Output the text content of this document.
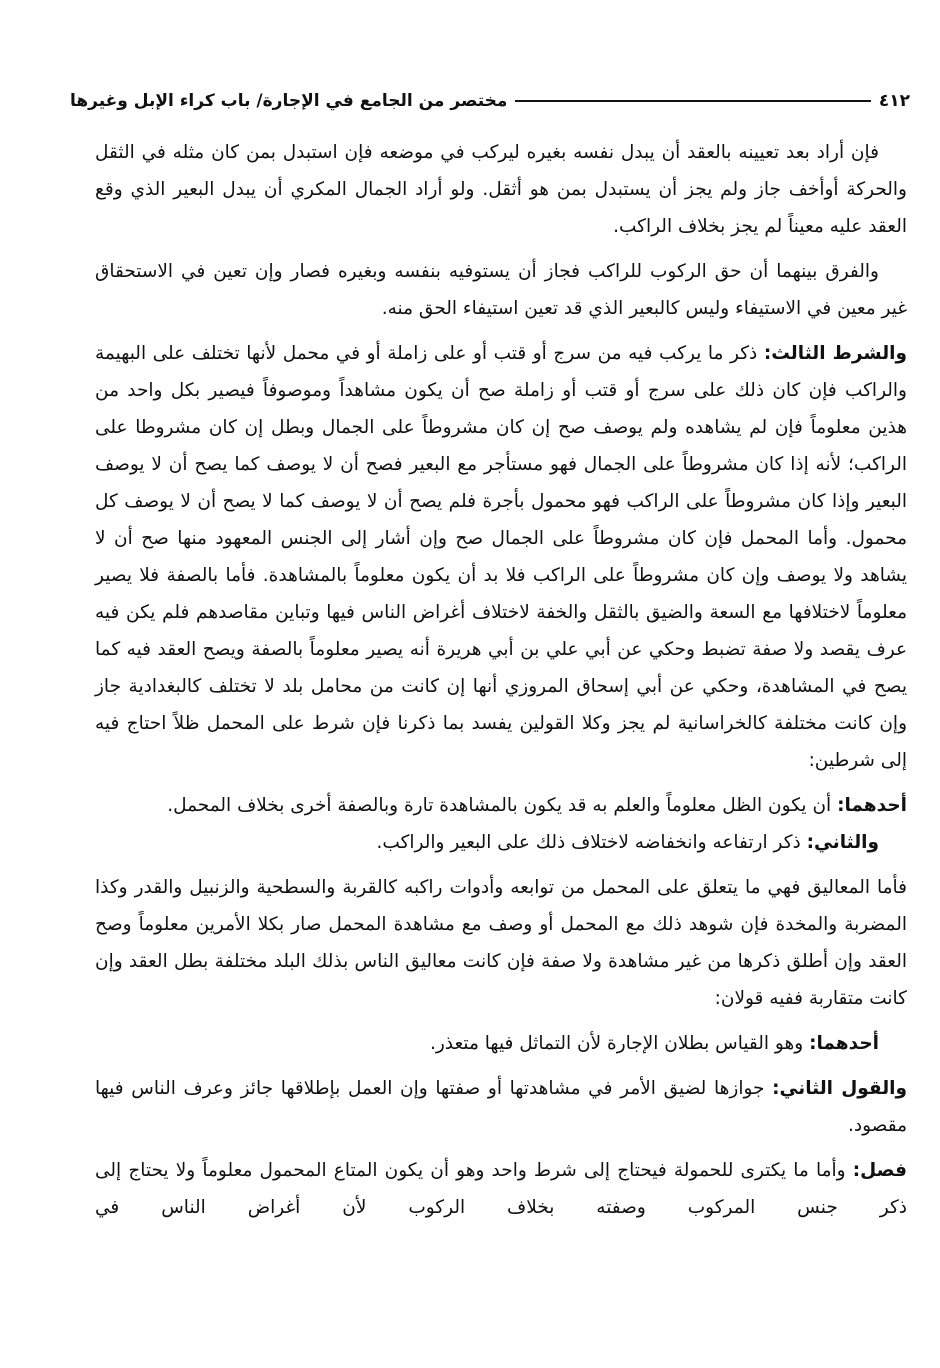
٤١٢
مختصر من الجامع في الإجارة/ باب كراء الإبل وغيرها

فإن أراد بعد تعيينه بالعقد أن يبدل نفسه بغيره ليركب في موضعه فإن استبدل بمن كان مثله في الثقل والحركة أوأخف جاز ولم يجز أن يستبدل بمن هو أثقل. ولو أراد الجمال المكري أن يبدل البعير الذي وقع العقد عليه معيناً لم يجز بخلاف الراكب.

والفرق بينهما أن حق الركوب للراكب فجاز أن يستوفيه بنفسه وبغيره فصار وإن تعين في الاستحقاق غير معين في الاستيفاء وليس كالبعير الذي قد تعين استيفاء الحق منه.

والشرط الثالث: ذكر ما يركب فيه من سرج أو قتب أو على زاملة أو في محمل لأنها تختلف على البهيمة والراكب فإن كان ذلك على سرج أو قتب أو زاملة صح أن يكون مشاهداً وموصوفاً فيصير بكل واحد من هذين معلوماً فإن لم يشاهده ولم يوصف صح إن كان مشروطاً على الجمال وبطل إن كان مشروطا على الراكب؛ لأنه إذا كان مشروطاً على الجمال فهو مستأجر مع البعير فصح أن لا يوصف كما يصح أن لا يوصف البعير وإذا كان مشروطاً على الراكب فهو محمول بأجرة فلم يصح أن لا يوصف كما لا يصح أن لا يوصف كل محمول. وأما المحمل فإن كان مشروطاً على الجمال صح وإن أشار إلى الجنس المعهود منها صح أن لا يشاهد ولا يوصف وإن كان مشروطاً على الراكب فلا بد أن يكون معلوماً بالمشاهدة. فأما بالصفة فلا يصير معلوماً لاختلافها مع السعة والضيق بالثقل والخفة لاختلاف أغراض الناس فيها وتباين مقاصدهم فلم يكن فيه عرف يقصد ولا صفة تضبط وحكي عن أبي علي بن أبي هريرة أنه يصير معلوماً بالصفة ويصح العقد فيه كما يصح في المشاهدة، وحكي عن أبي إسحاق المروزي أنها إن كانت من محامل بلد لا تختلف كالبغدادية جاز وإن كانت مختلفة كالخراسانية لم يجز وكلا القولين يفسد بما ذكرنا فإن شرط على المحمل ظلاً احتاج فيه إلى شرطين:

أحدهما: أن يكون الظل معلوماً والعلم به قد يكون بالمشاهدة تارة وبالصفة أخرى بخلاف المحمل.

والثاني: ذكر ارتفاعه وانخفاضه لاختلاف ذلك على البعير والراكب.

فأما المعاليق فهي ما يتعلق على المحمل من توابعه وأدوات راكبه كالقربة والسطحية والزنبيل والقدر وكذا المضربة والمخدة فإن شوهد ذلك مع المحمل أو وصف مع مشاهدة المحمل صار بكلا الأمرين معلوماً وصح العقد وإن أطلق ذكرها من غير مشاهدة ولا صفة فإن كانت معاليق الناس بذلك البلد مختلفة بطل العقد وإن كانت متقاربة ففيه قولان:

أحدهما: وهو القياس بطلان الإجارة لأن التماثل فيها متعذر.

والقول الثاني: جوازها لضيق الأمر في مشاهدتها أو صفتها وإن العمل بإطلاقها جائز وعرف الناس فيها مقصود.

فصل: وأما ما يكترى للحمولة فيحتاج إلى شرط واحد وهو أن يكون المتاع المحمول معلوماً ولا يحتاج إلى ذكر جنس المركوب وصفته بخلاف الركوب لأن أغراض الناس في
